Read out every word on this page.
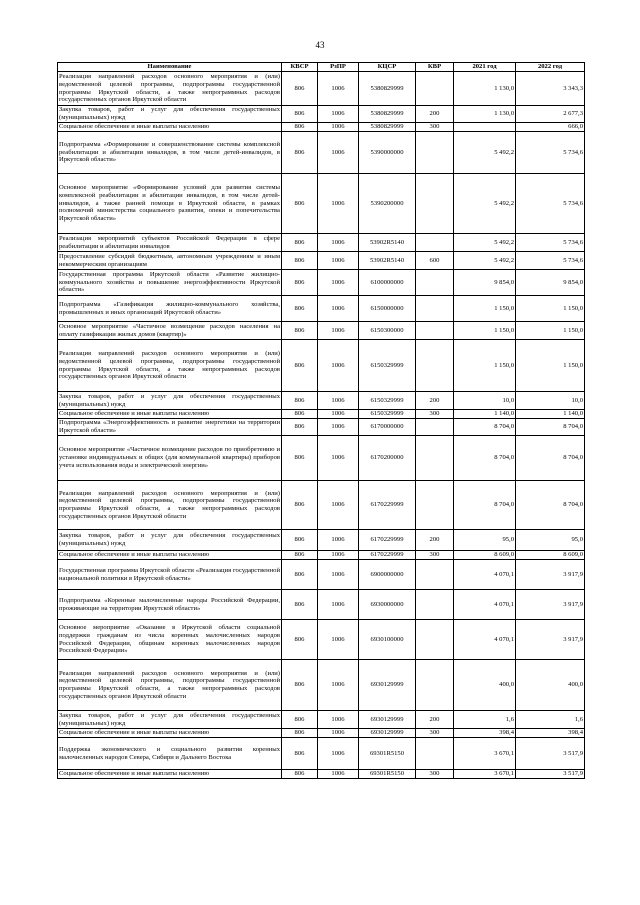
43
Наименование	КВСР	РзПР	КЦСР	КВР	2021 год	2022 год
Реализация направлений расходов основного мероприятия и (или) ведомственной целевой программы, подпрограммы государственной программы Иркутской области, а также непрограммных расходов государственных органов Иркутской области	806	1006	5380829999		1 130,0	3 343,3
Закупка товаров, работ и услуг для обеспечения государственных (муниципальных) нужд	806	1006	5380829999	200	1 130,0	2 677,3
Социальное обеспечение и иные выплаты населению	806	1006	5380829999	300		666,0
Подпрограмма «Формирование и совершенствование системы комплексной реабилитации и абилитации инвалидов, в том числе детей-инвалидов, в Иркутской области»	806	1006	5390000000		5 492,2	5 734,6
Основное мероприятие «Формирование условий для развития системы комплексной реабилитации и абилитации инвалидов, в том числе детей-инвалидов, а также ранней помощи в Иркутской области, в рамках полномочий министерства социального развития, опеки и попечительства Иркутской области»	806	1006	5390200000		5 492,2	5 734,6
Реализация мероприятий субъектов Российской Федерации в сфере реабилитации и абилитации инвалидов	806	1006	53902R5140		5 492,2	5 734,6
Предоставление субсидий бюджетным, автономным учреждениям и иным некоммерческим организациям	806	1006	53902R5140	600	5 492,2	5 734,6
Государственная программа Иркутской области «Развитие жилищно-коммунального хозяйства и повышение энергоэффективности Иркутской области»	806	1006	6100000000		9 854,0	9 854,0
Подпрограмма «Газификация жилищно-коммунального хозяйства, промышленных и иных организаций Иркутской области»	806	1006	6150000000		1 150,0	1 150,0
Основное мероприятие «Частичное возмещение расходов населения на оплату газификации жилых домов (квартир)»	806	1006	6150300000		1 150,0	1 150,0
Реализация направлений расходов основного мероприятия и (или) ведомственной целевой программы, подпрограммы государственной программы Иркутской области, а также непрограммных расходов государственных органов Иркутской области	806	1006	6150329999		1 150,0	1 150,0
Закупка товаров, работ и услуг для обеспечения государственных (муниципальных) нужд	806	1006	6150329999	200	10,0	10,0
Социальное обеспечение и иные выплаты населению	806	1006	6150329999	300	1 140,0	1 140,0
Подпрограмма «Энергоэффективность и развитие энергетики на территории Иркутской области»	806	1006	6170000000		8 704,0	8 704,0
Основное мероприятие «Частичное возмещение расходов по приобретению и установке индивидуальных и общих (для коммунальной квартиры) приборов учета использования воды и электрической энергии»	806	1006	6170200000		8 704,0	8 704,0
Реализация направлений расходов основного мероприятия и (или) ведомственной целевой программы, подпрограммы государственной программы Иркутской области, а также непрограммных расходов государственных органов Иркутской области	806	1006	6170229999		8 704,0	8 704,0
Закупка товаров, работ и услуг для обеспечения государственных (муниципальных) нужд	806	1006	6170229999	200	95,0	95,0
Социальное обеспечение и иные выплаты населению	806	1006	6170229999	300	8 609,0	8 609,0
Государственная программа Иркутской области «Реализация государственной национальной политики в Иркутской области»	806	1006	6900000000		4 070,1	3 917,9
Подпрограмма «Коренные малочисленные народы Российской Федерации, проживающие на территории Иркутской области»	806	1006	6930000000		4 070,1	3 917,9
Основное мероприятие «Оказание в Иркутской области социальной поддержки гражданам из числа коренных малочисленных народов Российской Федерации, общинам коренных малочисленных народов Российской Федерации»	806	1006	6930100000		4 070,1	3 917,9
Реализация направлений расходов основного мероприятия и (или) ведомственной целевой программы, подпрограммы государственной программы Иркутской области, а также непрограммных расходов государственных органов Иркутской области	806	1006	6930129999		400,0	400,0
Закупка товаров, работ и услуг для обеспечения государственных (муниципальных) нужд	806	1006	6930129999	200	1,6	1,6
Социальное обеспечение и иные выплаты населению	806	1006	6930129999	300	398,4	398,4
Поддержка экономического и социального развития коренных малочисленных народов Севера, Сибири и Дальнего Востока	806	1006	69301R5150		3 670,1	3 517,9
Социальное обеспечение и иные выплаты населению	806	1006	69301R5150	300	3 670,1	3 517,9
